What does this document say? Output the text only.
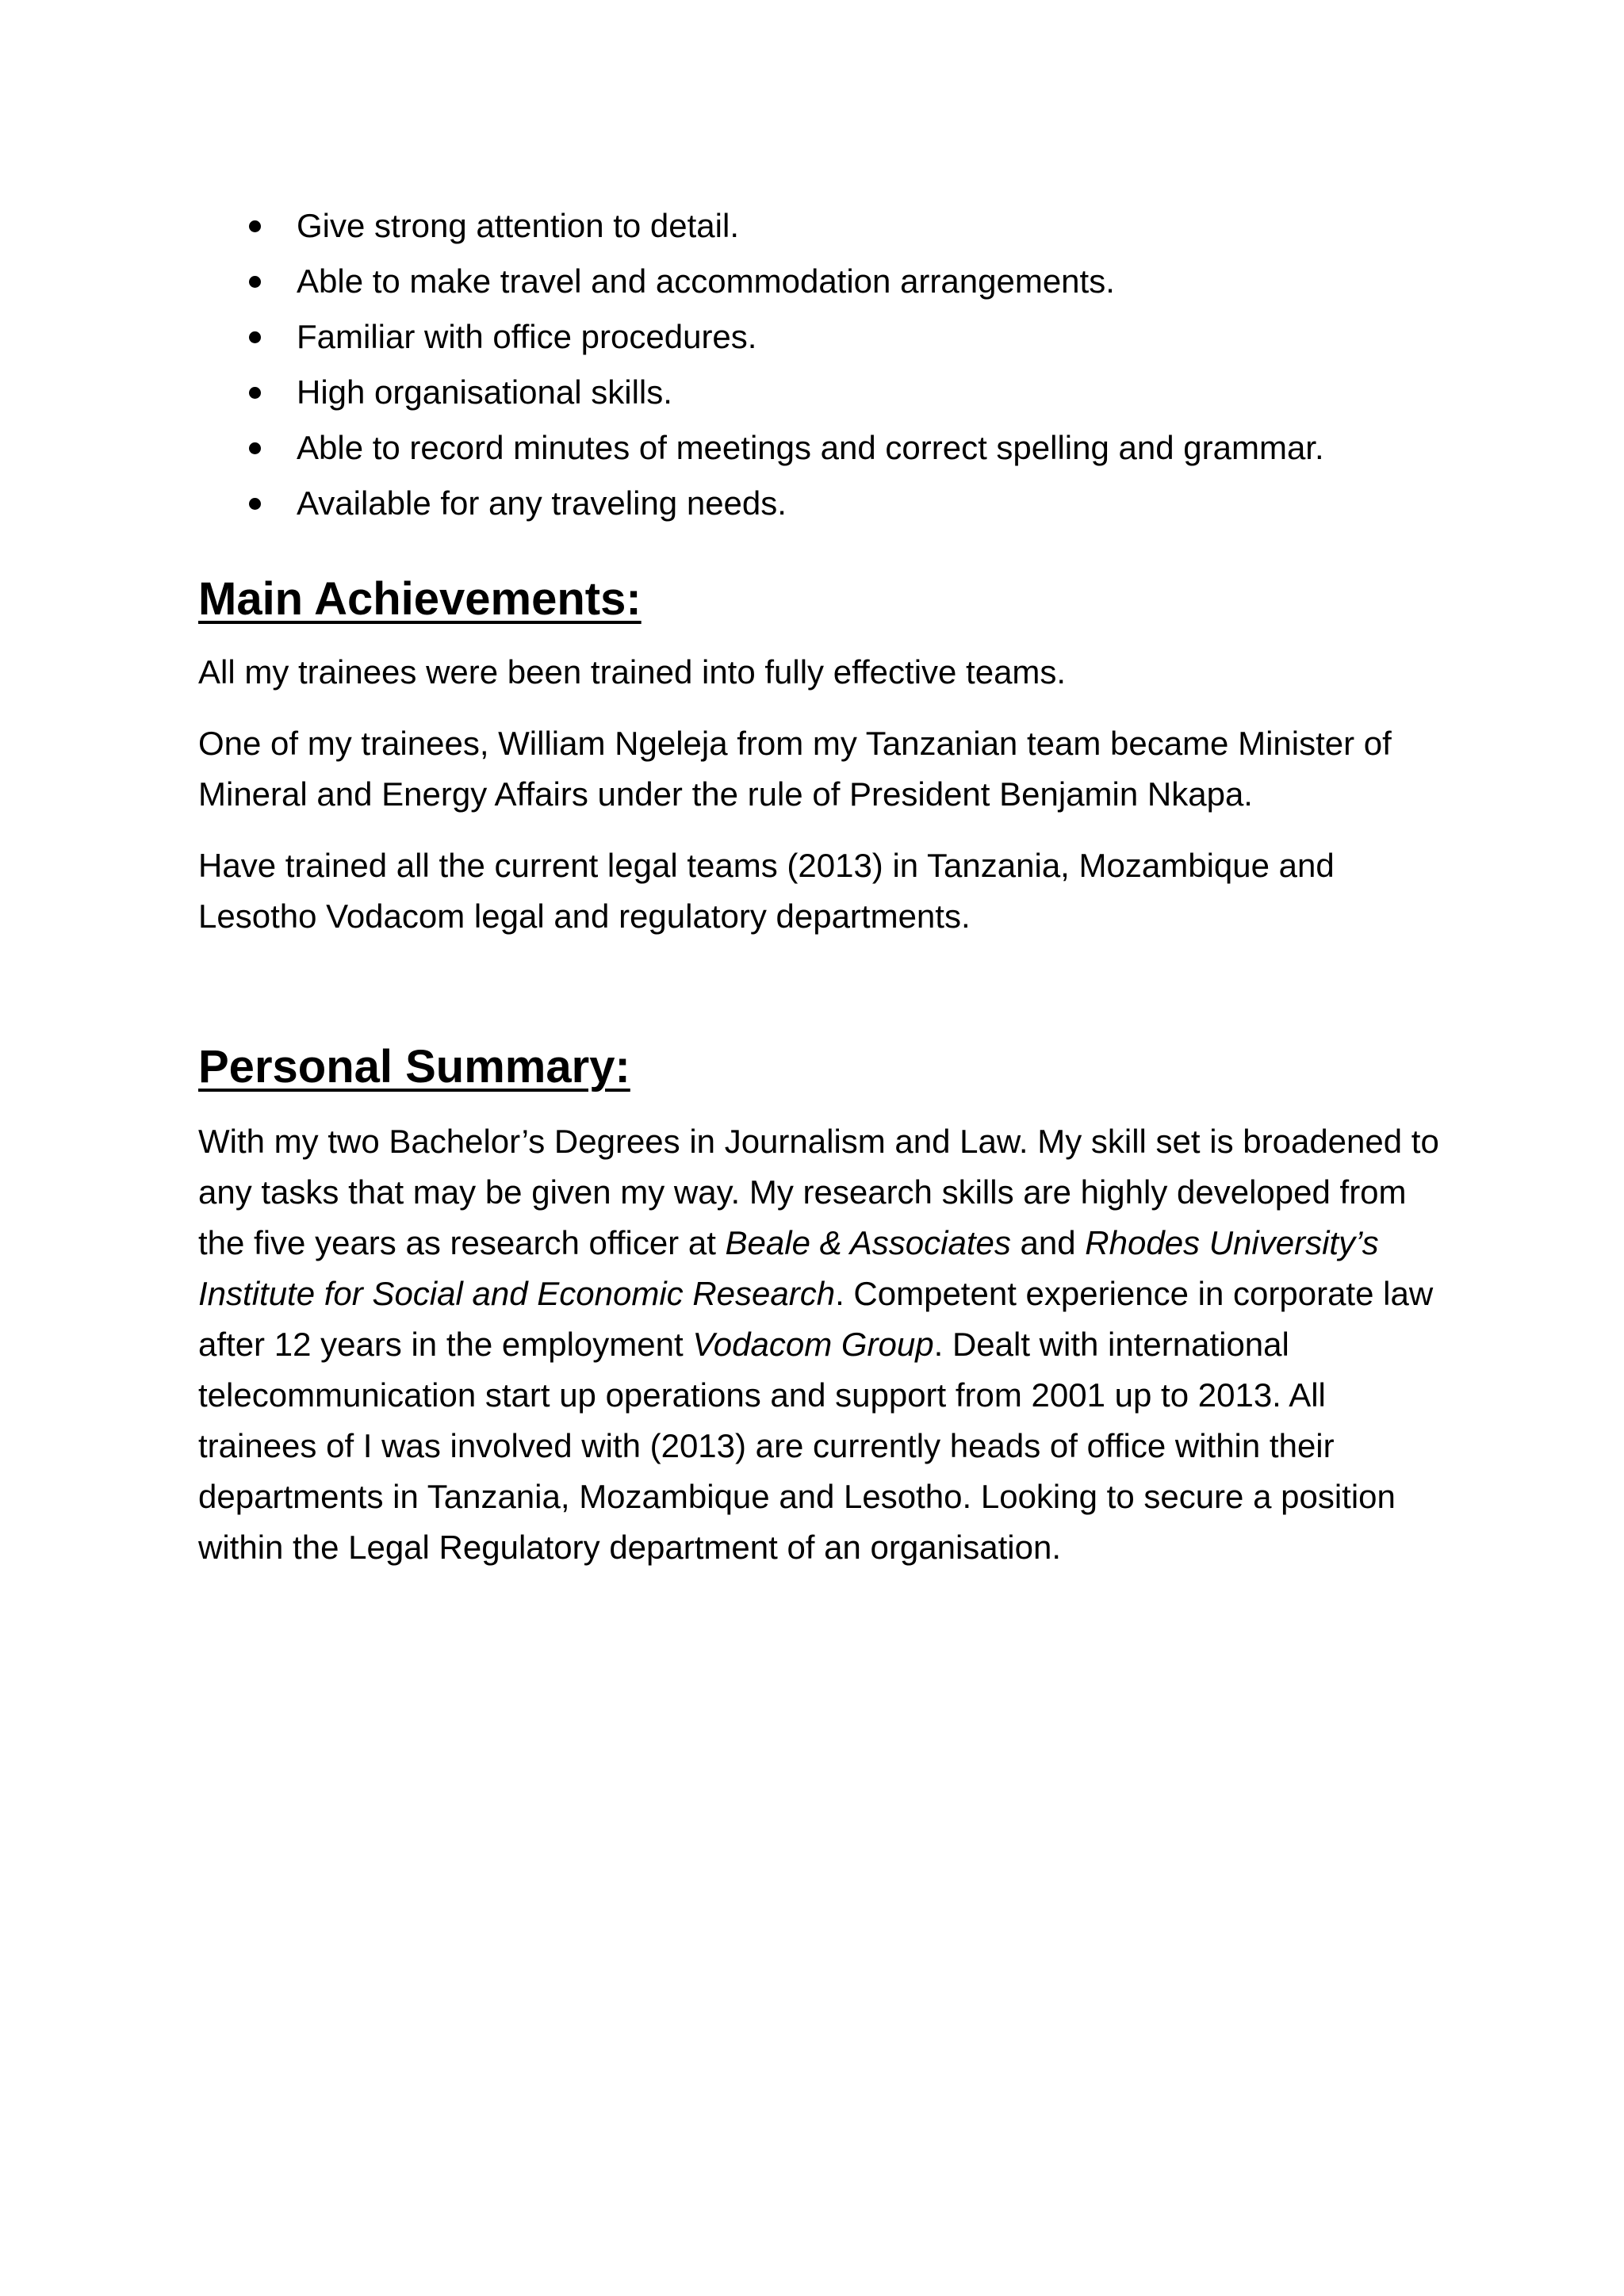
Give strong attention to detail.
Able to make travel and accommodation arrangements.
Familiar with office procedures.
High organisational skills.
Able to record minutes of meetings and correct spelling and grammar.
Available for any traveling needs.
Main Achievements:

All my trainees were been trained into fully effective teams.

One of my trainees, William Ngeleja from my Tanzanian team became Minister of Mineral and Energy Affairs under the rule of President Benjamin Nkapa.

Have trained all the current legal teams (2013) in Tanzania, Mozambique and Lesotho Vodacom legal and regulatory departments.

Personal Summary:

With my two Bachelor’s Degrees in Journalism and Law. My skill set is broadened to any tasks that may be given my way. My research skills are highly developed from the five years as research officer at Beale & Associates and Rhodes University’s Institute for Social and Economic Research. Competent experience in corporate law after 12 years in the employment Vodacom Group. Dealt with international telecommunication start up operations and support from 2001 up to 2013. All trainees of I was involved with (2013) are currently heads of office within their departments in Tanzania, Mozambique and Lesotho. Looking to secure a position within the Legal Regulatory department of an organisation.
